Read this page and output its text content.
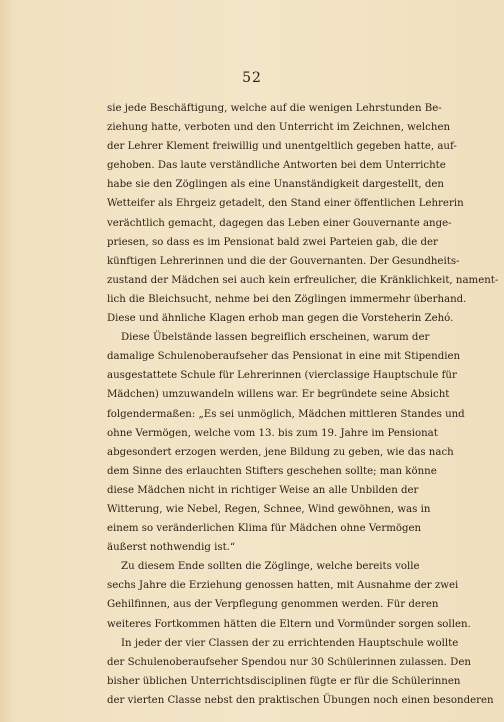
52
sie jede Beschäftigung, welche auf die wenigen Lehrstunden Be-
ziehung hatte, verboten und den Unterricht im Zeichnen, welchen
der Lehrer Klement freiwillig und unentgeltlich gegeben hatte, auf-
gehoben. Das laute verständliche Antworten bei dem Unterrichte
habe sie den Zöglingen als eine Unanständigkeit dargestellt, den
Wetteifer als Ehrgeiz getadelt, den Stand einer öffentlichen Lehrerin
verächtlich gemacht, dagegen das Leben einer Gouvernante ange-
priesen, so dass es im Pensionat bald zwei Parteien gab, die der
künftigen Lehrerinnen und die der Gouvernanten. Der Gesundheits-
zustand der Mädchen sei auch kein erfreulicher, die Kränklichkeit, nament-
lich die Bleichsucht, nehme bei den Zöglingen immermehr überhand.
Diese und ähnliche Klagen erhob man gegen die Vorsteherin Zehó.
Diese Übelstände lassen begreiflich erscheinen, warum der
damalige Schulenoberaufseher das Pensionat in eine mit Stipendien
ausgestattete Schule für Lehrerinnen (vierclassige Hauptschule für
Mädchen) umzuwandeln willens war. Er begründete seine Absicht
folgendermaßen: „Es sei unmöglich, Mädchen mittleren Standes und
ohne Vermögen, welche vom 13. bis zum 19. Jahre im Pensionat
abgesondert erzogen werden, jene Bildung zu geben, wie das nach
dem Sinne des erlauchten Stifters geschehen sollte; man könne
diese Mädchen nicht in richtiger Weise an alle Unbilden der
Witterung, wie Nebel, Regen, Schnee, Wind gewöhnen, was in
einem so veränderlichen Klima für Mädchen ohne Vermögen
äußerst nothwendig ist.“
Zu diesem Ende sollten die Zöglinge, welche bereits volle
sechs Jahre die Erziehung genossen hatten, mit Ausnahme der zwei
Gehilfinnen, aus der Verpflegung genommen werden. Für deren
weiteres Fortkommen hätten die Eltern und Vormünder sorgen sollen.
In jeder der vier Classen der zu errichtenden Hauptschule wollte
der Schulenoberaufseher Spendou nur 30 Schülerinnen zulassen. Den
bisher üblichen Unterrichtsdisciplinen fügte er für die Schülerinnen
der vierten Classe nebst den praktischen Übungen noch einen besonderen
